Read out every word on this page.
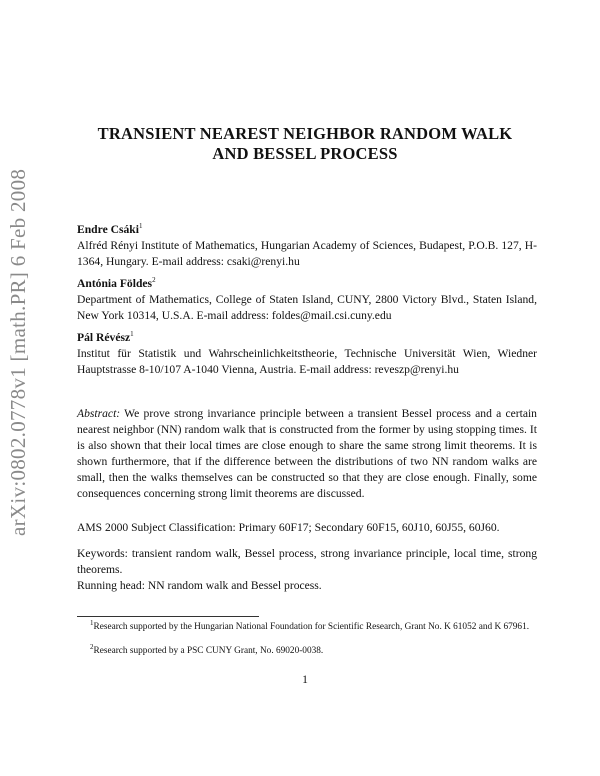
arXiv:0802.0778v1 [math.PR] 6 Feb 2008
TRANSIENT NEAREST NEIGHBOR RANDOM WALK
AND BESSEL PROCESS
Endre Csáki$^1$
Alfréd Rényi Institute of Mathematics, Hungarian Academy of Sciences, Budapest, P.O.B. 127, H-1364, Hungary. E-mail address: csaki@renyi.hu
Antónia Földes$^2$
Department of Mathematics, College of Staten Island, CUNY, 2800 Victory Blvd., Staten Island, New York 10314, U.S.A. E-mail address: foldes@mail.csi.cuny.edu
Pál Révész$^1$
Institut für Statistik und Wahrscheinlichkeitstheorie, Technische Universität Wien, Wiedner Hauptstrasse 8-10/107 A-1040 Vienna, Austria. E-mail address: reveszp@renyi.hu
Abstract: We prove strong invariance principle between a transient Bessel process and a certain nearest neighbor (NN) random walk that is constructed from the former by using stopping times. It is also shown that their local times are close enough to share the same strong limit theorems. It is shown furthermore, that if the difference between the distributions of two NN random walks are small, then the walks themselves can be constructed so that they are close enough. Finally, some consequences concerning strong limit theorems are discussed.
AMS 2000 Subject Classification: Primary 60F17; Secondary 60F15, 60J10, 60J55, 60J60.
Keywords: transient random walk, Bessel process, strong invariance principle, local time, strong theorems.
Running head: NN random walk and Bessel process.
$^1$Research supported by the Hungarian National Foundation for Scientific Research, Grant No. K 61052 and K 67961.
$^2$Research supported by a PSC CUNY Grant, No. 69020-0038.
1
